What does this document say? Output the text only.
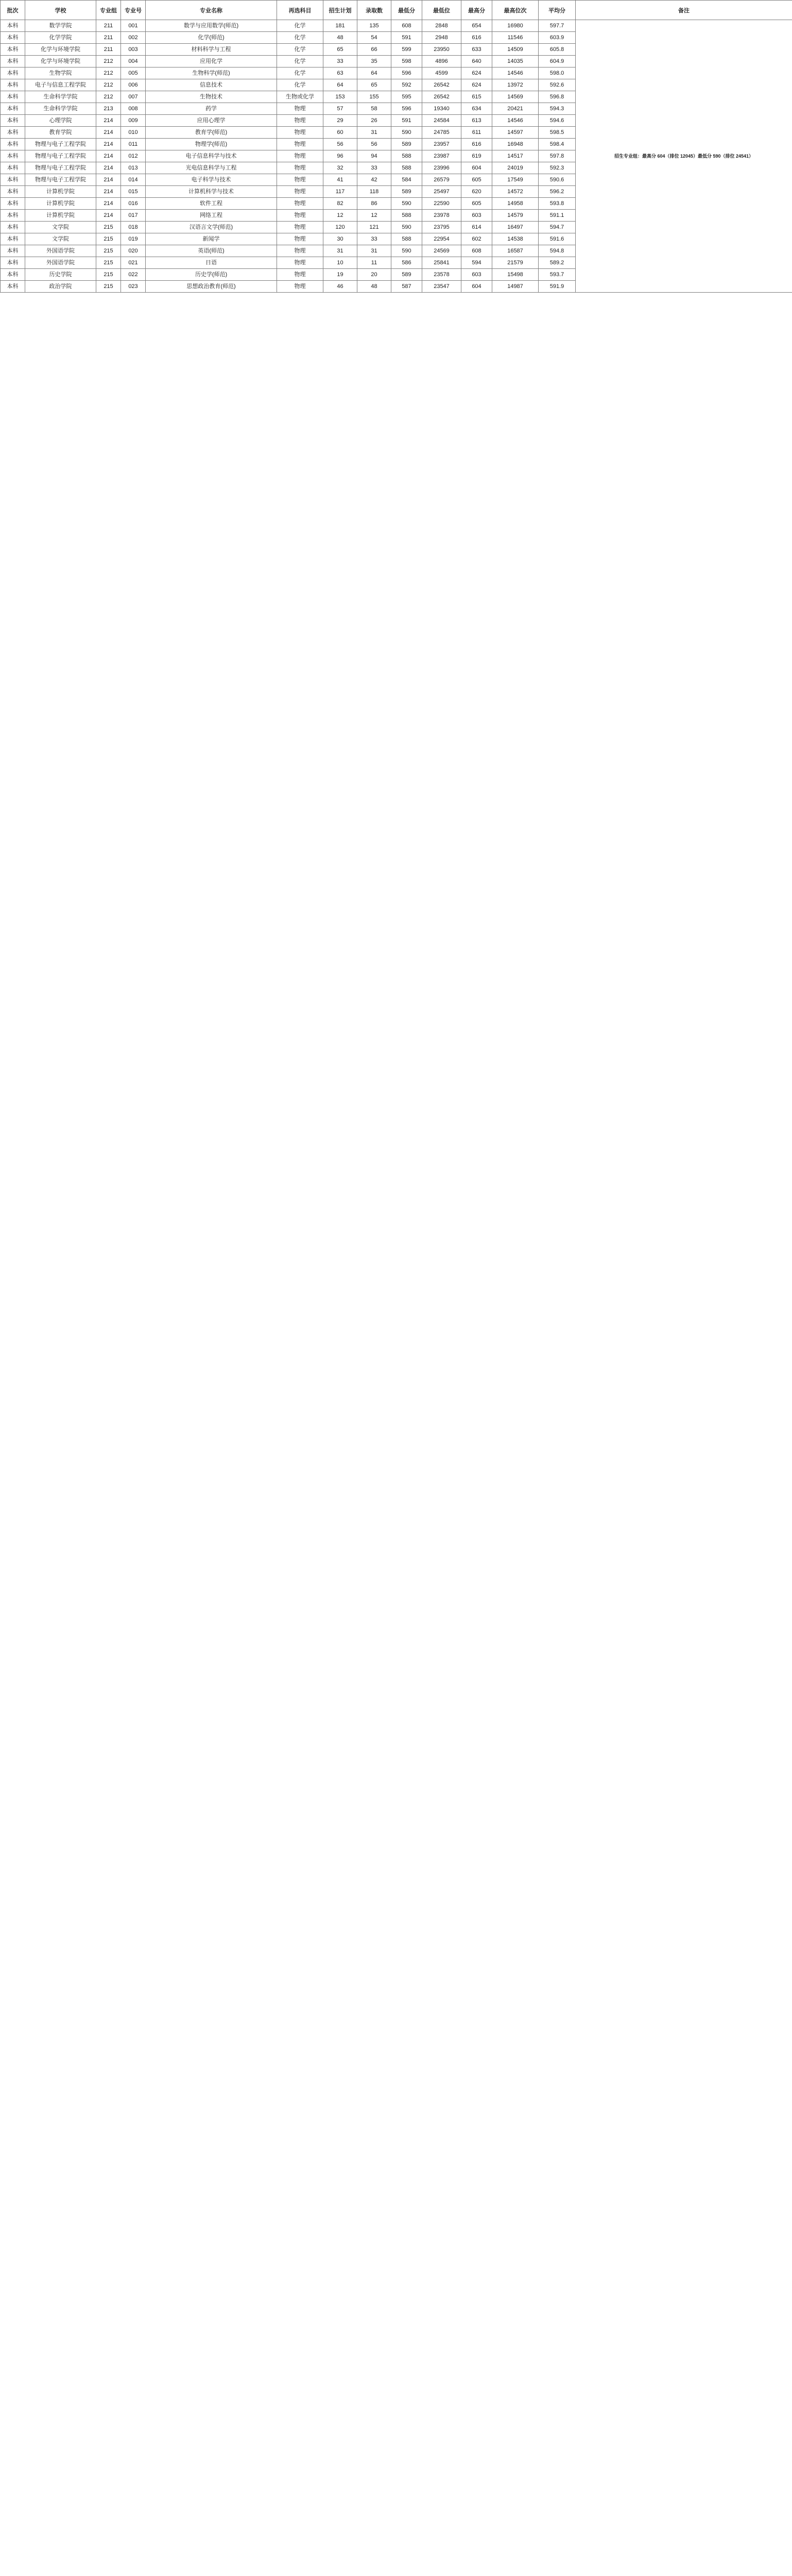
批次	学校	专业组	专业号	专业名称	再选科目	招生计划	录取数	最低分	最低位	最高分	最高位次	平均分	备注
本科	数学学院	211	001	数学与应用数学(师范)	化学	181	135	608	2848	654	16980	597.7	招生专业组：最高分 604（排位 12045）最低分 590（排位 24541）
本科	化学学院	211	002	化学(师范)	化学	48	54	591	2948	616	11546	603.9	
本科	化学与环境学院	211	003	材料科学与工程	化学	65	66	599	23950	633	14509	605.8	
本科	化学与环境学院	212	004	应用化学	化学	33	35	598	4896	640	14035	604.9	
本科	生物学院	212	005	生物科学(师范)	化学	63	64	596	4599	624	14546	598.0	
本科	电子与信息工程学院	212	006	信息技术	化学	64	65	592	26542	624	13972	592.6	
本科	生命科学学院	212	007	生物技术	生物或化学	153	155	595	26542	615	14569	596.8	
本科	生命科学学院	213	008	药学	物理	57	58	596	19340	634	20421	594.3	
本科	心理学院	214	009	应用心理学	物理	29	26	591	24584	613	14546	594.6	
本科	教育学院	214	010	教育学(师范)	物理	60	31	590	24785	611	14597	598.5	
本科	物理与电子工程学院	214	011	物理学(师范)	物理	56	56	589	23957	616	16948	598.4	
本科	物理与电子工程学院	214	012	电子信息科学与技术	物理	96	94	588	23987	619	14517	597.8	
本科	物理与电子工程学院	214	013	光电信息科学与工程	物理	32	33	588	23996	604	24019	592.3	
本科	物理与电子工程学院	214	014	电子科学与技术	物理	41	42	584	26579	605	17549	590.6	
本科	计算机学院	214	015	计算机科学与技术	物理	117	118	589	25497	620	14572	596.2	
本科	计算机学院	214	016	软件工程	物理	82	86	590	22590	605	14958	593.8	
本科	计算机学院	214	017	网络工程	物理	12	12	588	23978	603	14579	591.1	
本科	文学院	215	018	汉语言文学(师范)	物理	120	121	590	23795	614	16497	594.7	
本科	文学院	215	019	新闻学	物理	30	33	588	22954	602	14538	591.6	
本科	外国语学院	215	020	英语(师范)	物理	31	31	590	24569	608	16587	594.8	
本科	外国语学院	215	021	日语	物理	10	11	586	25841	594	21579	589.2	
本科	历史学院	215	022	历史学(师范)	物理	19	20	589	23578	603	15498	593.7	
本科	政治学院	215	023	思想政治教育(师范)	物理	46	48	587	23547	604	14987	591.9	
